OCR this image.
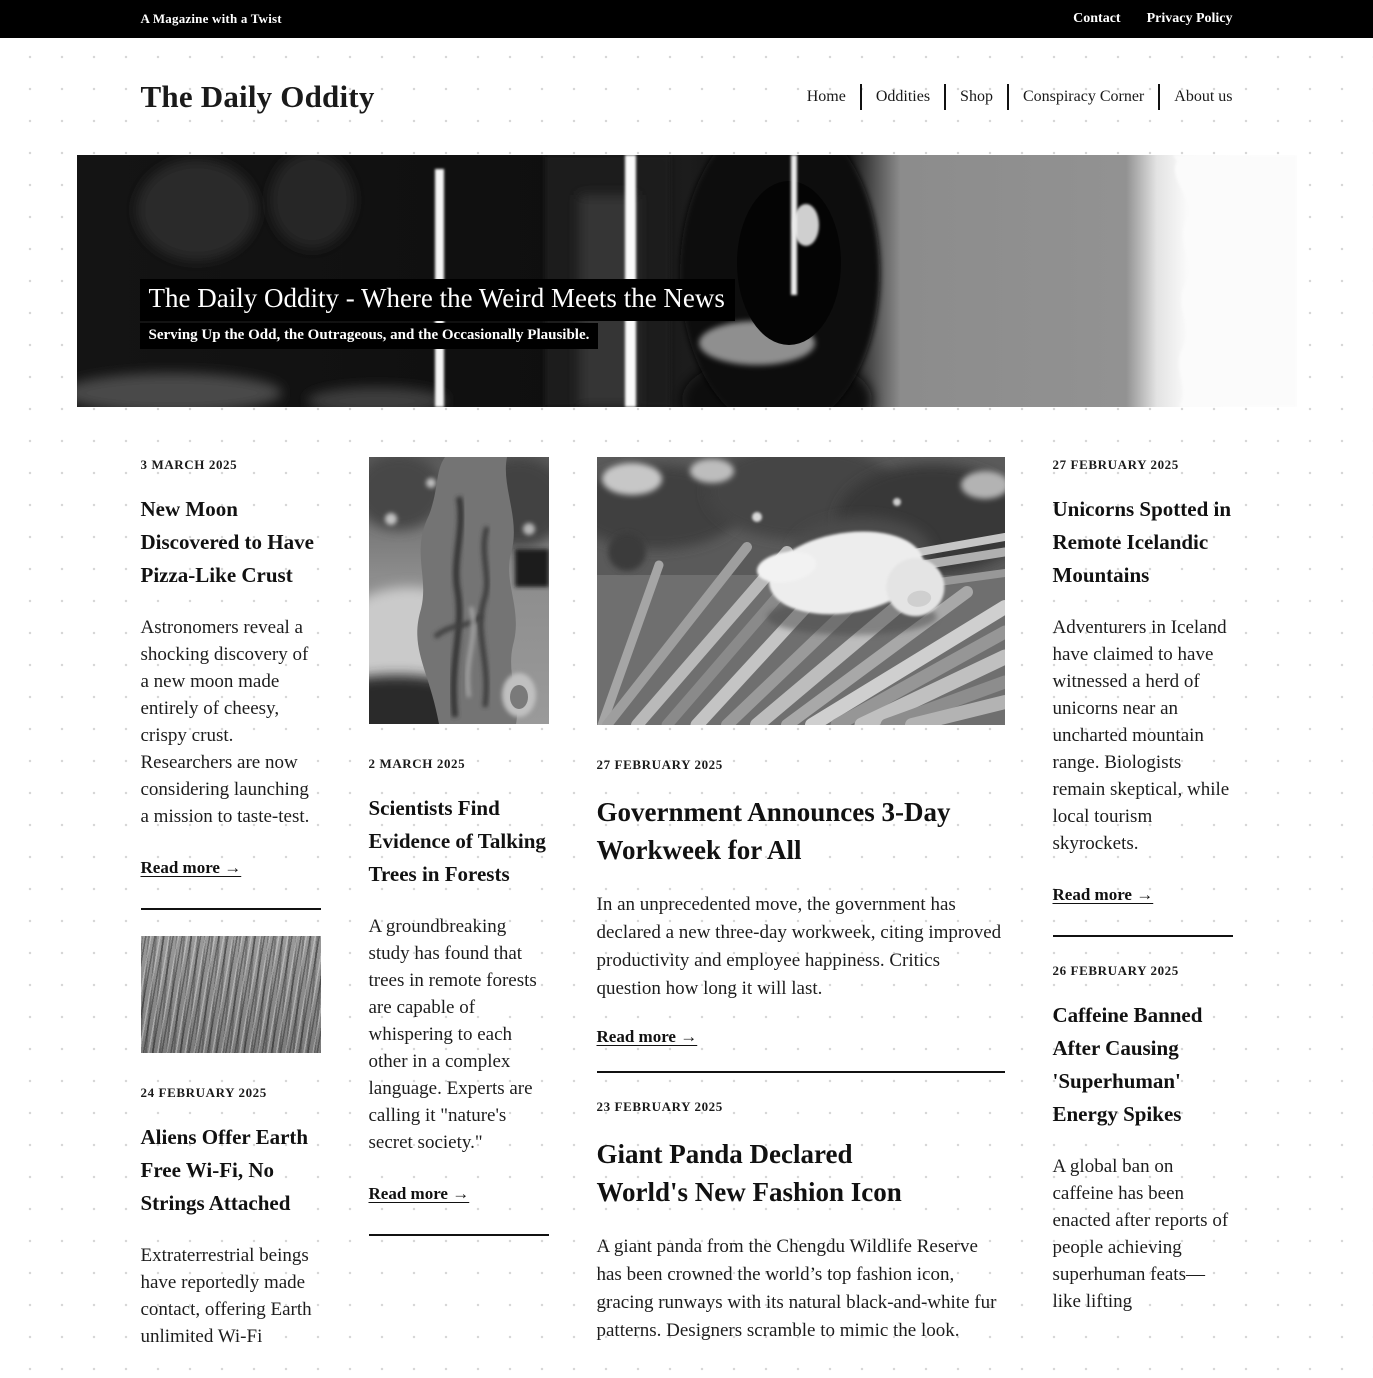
A Magazine with a Twist	Contact Privacy Policy
The Daily Oddity	Home	Oddities	Shop	Conspiracy Corner	About us
The Daily Oddity - Where the Weird Meets the News
Serving Up the Odd, the Outrageous, and the Occasionally Plausible.
3 MARCH 2025
New Moon Discovered to Have Pizza-Like Crust

Astronomers reveal a shocking discovery of a new moon made entirely of cheesy, crispy crust. Researchers are now considering launching a mission to taste-test.

Read more →
24 FEBRUARY 2025
Aliens Offer Earth Free Wi-Fi, No Strings Attached

Extraterrestrial beings have reportedly made contact, offering Earth unlimited Wi-Fi

2 MARCH 2025
Scientists Find Evidence of Talking Trees in Forests

A groundbreaking study has found that trees in remote forests are capable of whispering to each other in a complex language. Experts are calling it "nature's secret society."

Read more →
27 FEBRUARY 2025
Government Announces 3-Day Workweek for All

In an unprecedented move, the government has declared a new three-day workweek, citing improved productivity and employee happiness. Critics question how long it will last.

Read more →
23 FEBRUARY 2025
Giant Panda Declared World's New Fashion Icon

A giant panda from the Chengdu Wildlife Reserve has been crowned the world’s top fashion icon, gracing runways with its natural black-and-white fur patterns. Designers scramble to mimic the look.

27 FEBRUARY 2025
Unicorns Spotted in Remote Icelandic Mountains

Adventurers in Iceland have claimed to have witnessed a herd of unicorns near an uncharted mountain range. Biologists remain skeptical, while local tourism skyrockets.

Read more →
26 FEBRUARY 2025
Caffeine Banned After Causing 'Superhuman' Energy Spikes

A global ban on caffeine has been enacted after reports of people achieving superhuman feats— like lifting
